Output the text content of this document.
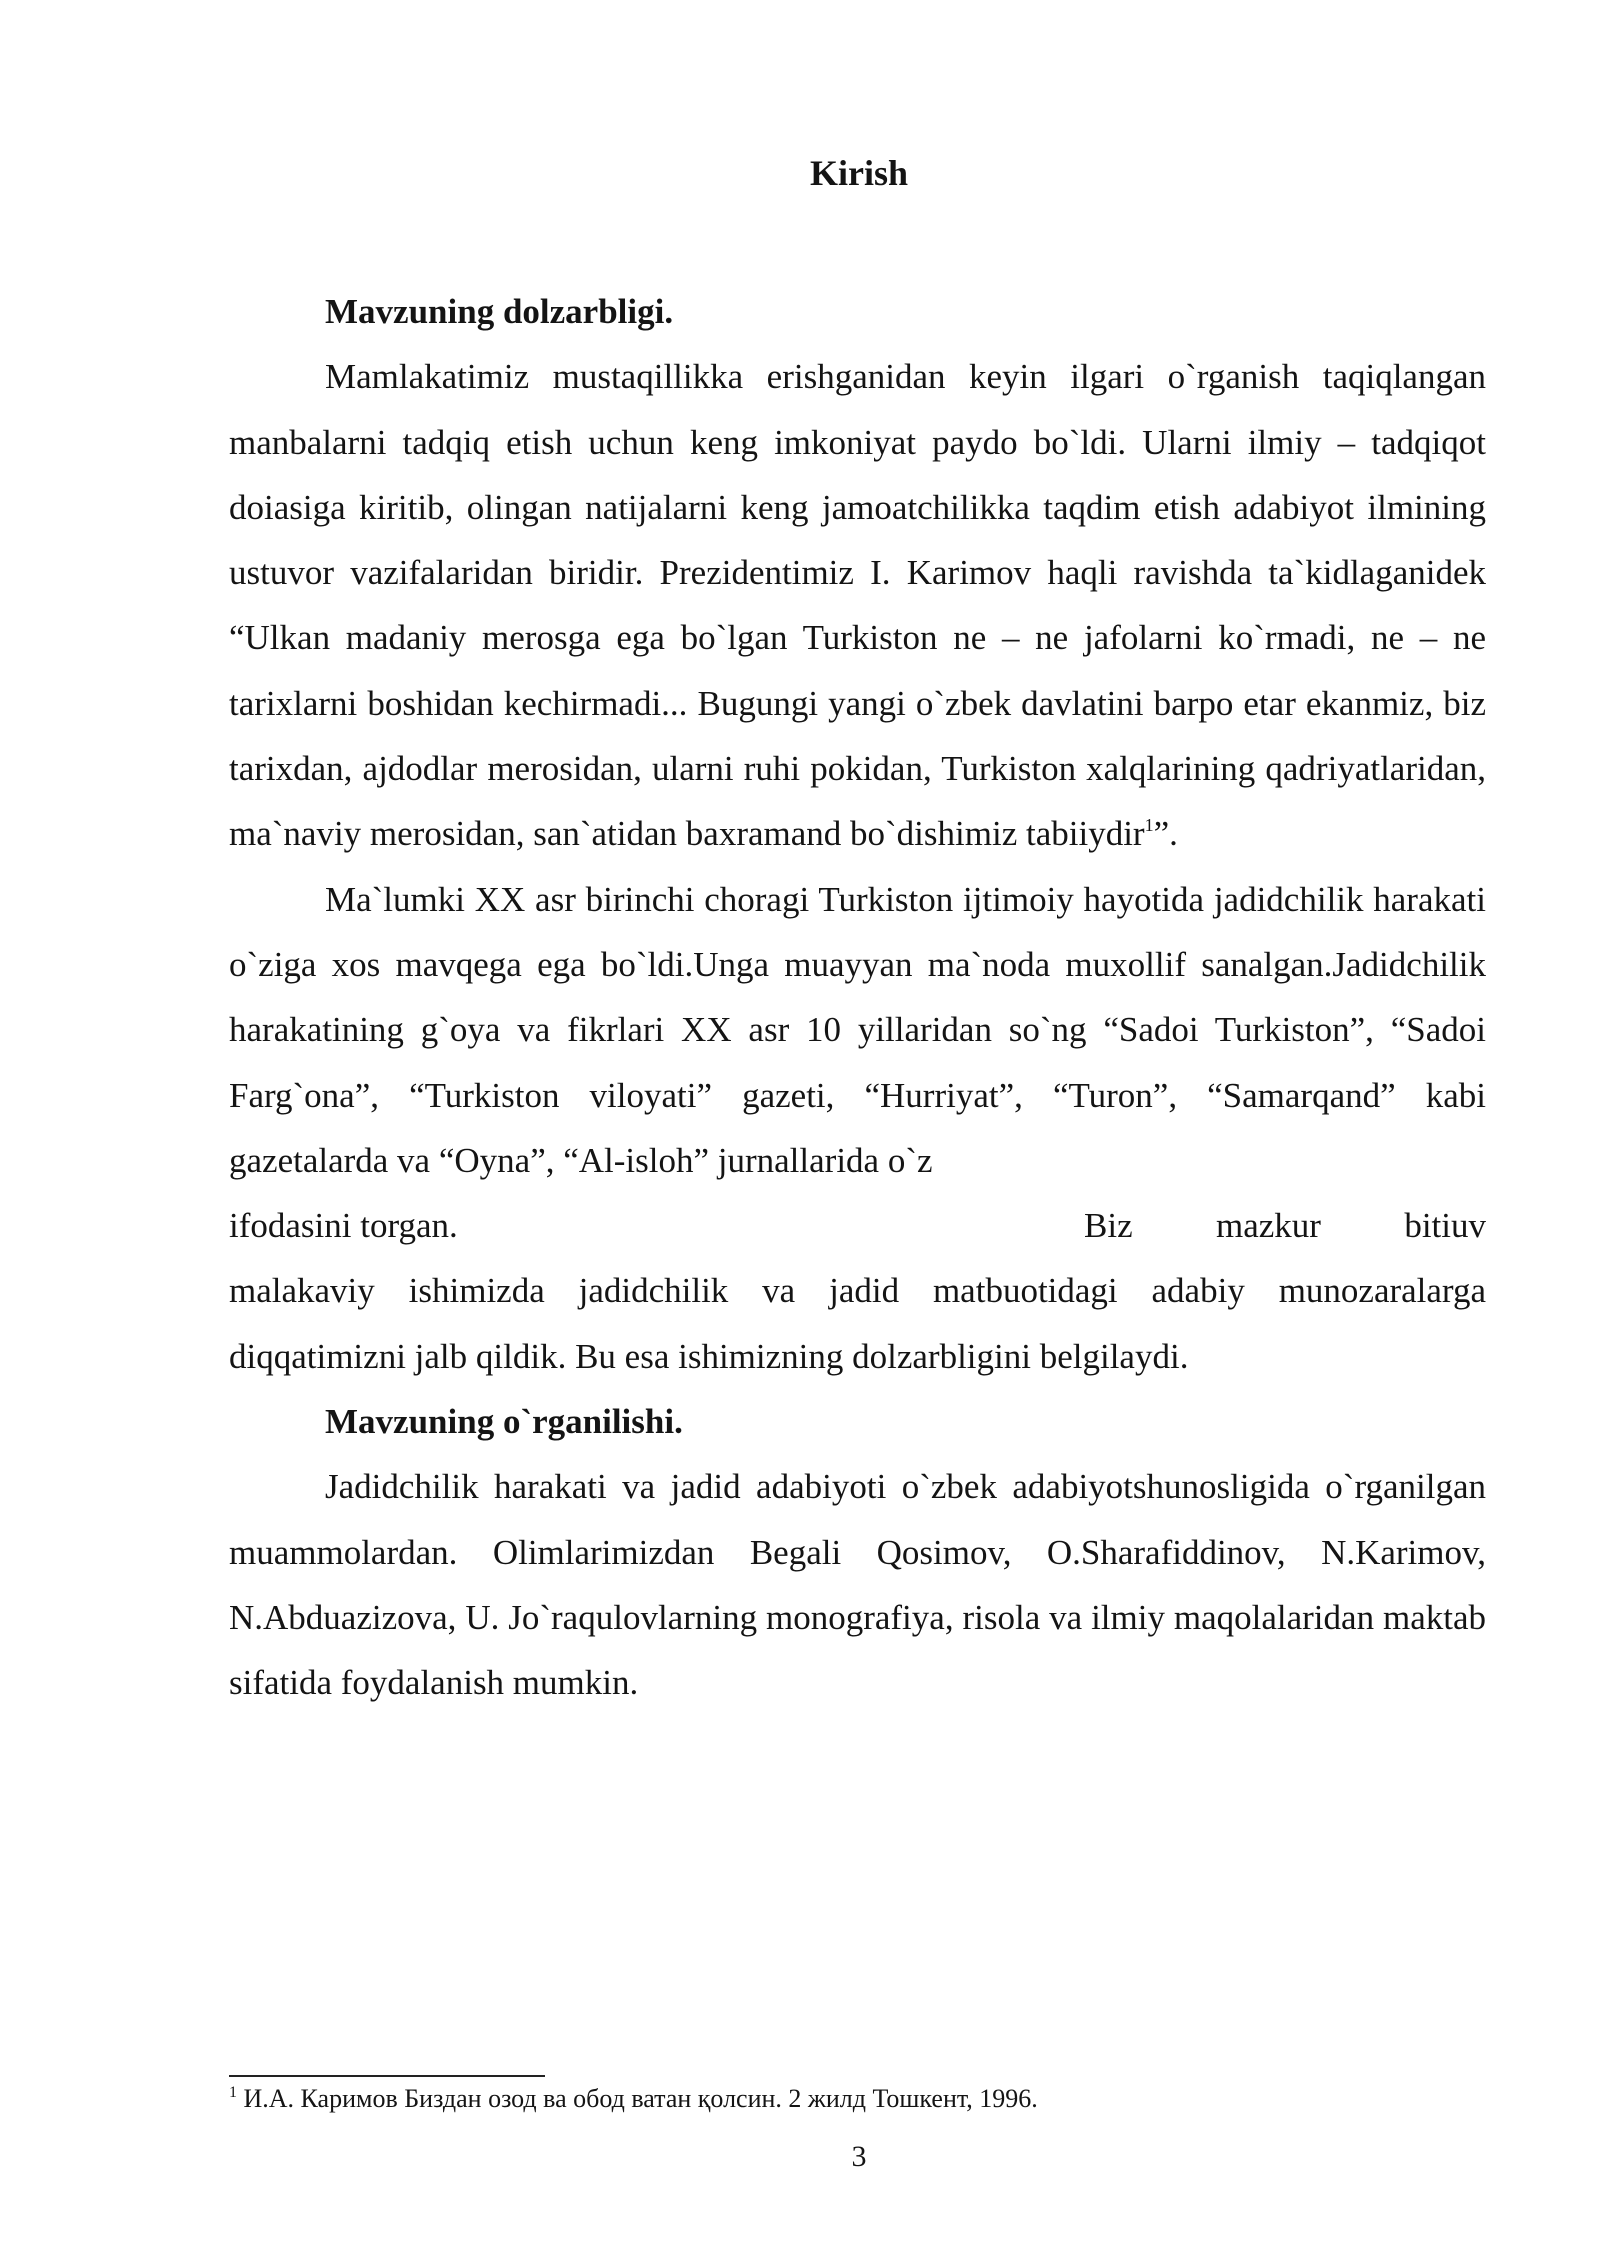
Kirish
Mavzuning dolzarbligi.

Mamlakatimiz mustaqillikka erishganidan keyin ilgari o`rganish taqiqlangan manbalarni tadqiq etish uchun keng imkoniyat paydo bo`ldi. Ularni ilmiy – tadqiqot doiasiga kiritib, olingan natijalarni keng jamoatchilikka taqdim etish adabiyot ilmining ustuvor vazifalaridan biridir. Prezidentimiz I. Karimov haqli ravishda ta`kidlaganidek “Ulkan madaniy merosga ega bo`lgan Turkiston ne – ne jafolarni ko`rmadi, ne – ne tarixlarni boshidan kechirmadi... Bugungi yangi o`zbek davlatini barpo etar ekanmiz, biz tarixdan, ajdodlar merosidan, ularni ruhi pokidan, Turkiston xalqlarining qadriyatlaridan, ma`naviy merosidan, san`atidan baxramand bo`dishimiz tabiiydir$^1$”.

Ma`lumki XX asr birinchi choragi Turkiston ijtimoiy hayotida jadidchilik harakati o`ziga xos mavqega ega bo`ldi.Unga muayyan ma`noda muxollif sanalgan.Jadidchilik harakatining g`oya va fikrlari XX asr 10 yillaridan so`ng “Sadoi Turkiston”, “Sadoi Farg`ona”, “Turkiston viloyati” gazeti, “Hurriyat”, “Turon”, “Samarqand” kabi gazetalarda va “Oyna”, “Al-isloh” jurnallarida o`z

ifodasini torgan.	Biz mazkur bitiuv

malakaviy ishimizda jadidchilik va jadid matbuotidagi adabiy munozaralarga diqqatimizni jalb qildik. Bu esa ishimizning dolzarbligini belgilaydi.

Mavzuning o`rganilishi.

Jadidchilik harakati va jadid adabiyoti o`zbek adabiyotshunosligida o`rganilgan muammolardan. Olimlarimizdan Begali Qosimov, O.Sharafiddinov, N.Karimov, N.Abduazizova, U. Jo`raqulovlarning monografiya, risola va ilmiy maqolalaridan maktab sifatida foydalanish mumkin.

$^1$ И.А. Каримов Биздан озод ва обод ватан қолсин. 2 жилд Тошкент, 1996.
3
